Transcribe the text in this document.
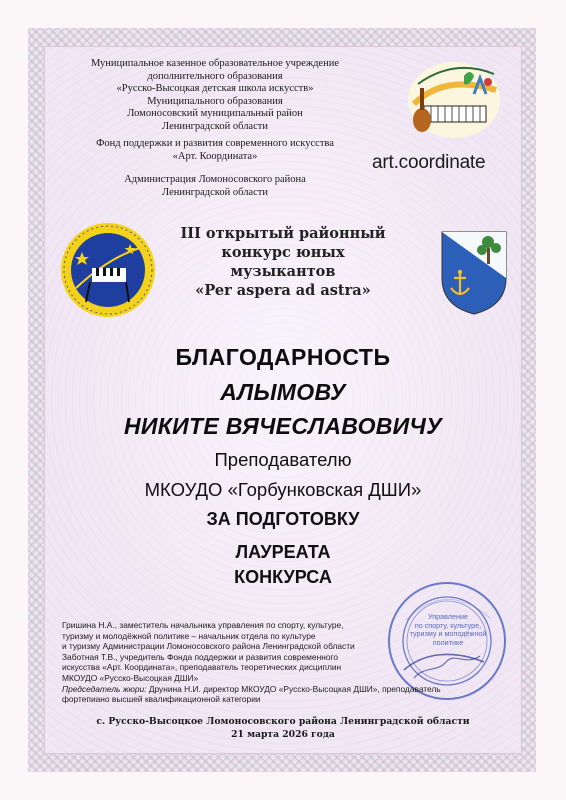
Муниципальное казенное образовательное учреждение
дополнительного образования
«Русско-Высоцкая детская школа искусств»
Муниципального образования
Ломоносовский муниципальный район
Ленинградской области
Фонд поддержки и развития современного искусства
«Арт. Координата»
Администрация Ломоносовского района
Ленинградской области
art.coordinate
III открытый районный
конкурс юных
музыкантов
«Per aspera ad astra»
БЛАГОДАРНОСТЬ
АЛЫМОВУ
НИКИТЕ ВЯЧЕСЛАВОВИЧУ
Преподавателю
МКОУДО «Горбунковская ДШИ»
ЗА ПОДГОТОВКУ
ЛАУРЕАТА
КОНКУРСА
Управление
по спорту, культуре,
туризму и молодёжной
политике
Гришина Н.А., заместитель начальника управления по спорту, культуре,
туризму и молодёжной политике – начальник отдела по культуре
и туризму Администрации Ломоносовского района Ленинградской области
Заботная Т.В., учредитель Фонда поддержки и развития современного
искусства «Арт. Координата», преподаватель теоретических дисциплин
МКОУДО «Русско-Высоцкая ДШИ»
Председатель жюри: Друнина Н.И. директор МКОУДО «Русско-Высоцкая ДШИ», преподаватель
фортепиано высшей квалификационной категории
с. Русско-Высоцкое Ломоносовского района Ленинградской области
21 марта 2026 года
